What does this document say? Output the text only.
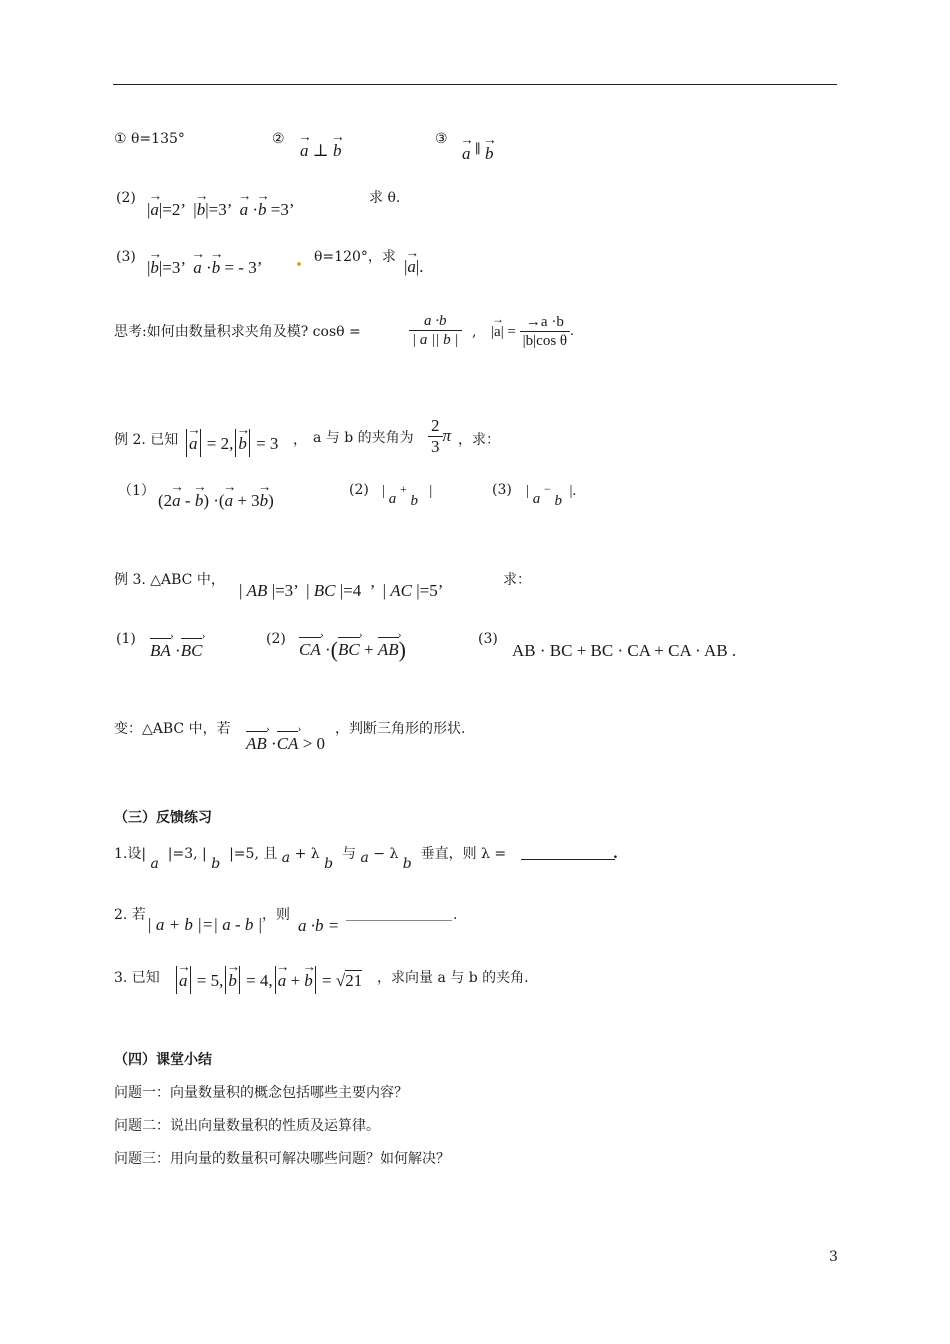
① θ=135°	②
→ a ⊥ → b
③
→ a ∥ → b
(2)
|→ a|=2’  |→ b|=3’  → a ·→ b =3’
求 θ.
(3)
|→ b|=3’  → a ·→ b = - 3’
θ=120°，求 |→ a|.
思考:如何由数量积求夹角及模? cosθ =	$\frac{a \cdot b}{| a || b |}$ , |→ $a| = \frac{\to a \cdot b}{\text{|b|cos θ}}$ .
例 2. 已知 → a = 2, → b = 3 ， a 与 b 的夹角为 $\frac{2}{3}$ π ，求：
（1） (2→ a - → b) ·(→ a + 3→ b)
(2) | a + b   |	(3) | a − b  |.
例 3. △ABC 中，
| AB |=3’  | BC |=4  ’  | AC |=5’
求：
(1)
BA › ·BC ›
(2)
CA › ·(BC › + AB ›)	(3)
AB · BC + BC · CA + CA · AB .
变：△ABC 中，若
AB › ·CA › > 0
，判断三角形的形状.
（三）反馈练习
1.设| a  |=3, | b  |=5, 且 a + λ b  与 a − λ b  垂直，则 λ =	.
2. 若 | a + b |=| a - b | ，则
a ·b =
.
3. 已知 → a = 5, → b = 4, → a + → b = √21 ，求向量 a 与 b 的夹角.
（四）课堂小结
问题一：向量数量积的概念包括哪些主要内容？
问题二：说出向量数量积的性质及运算律。
问题三：用向量的数量积可解决哪些问题？如何解决？
3
